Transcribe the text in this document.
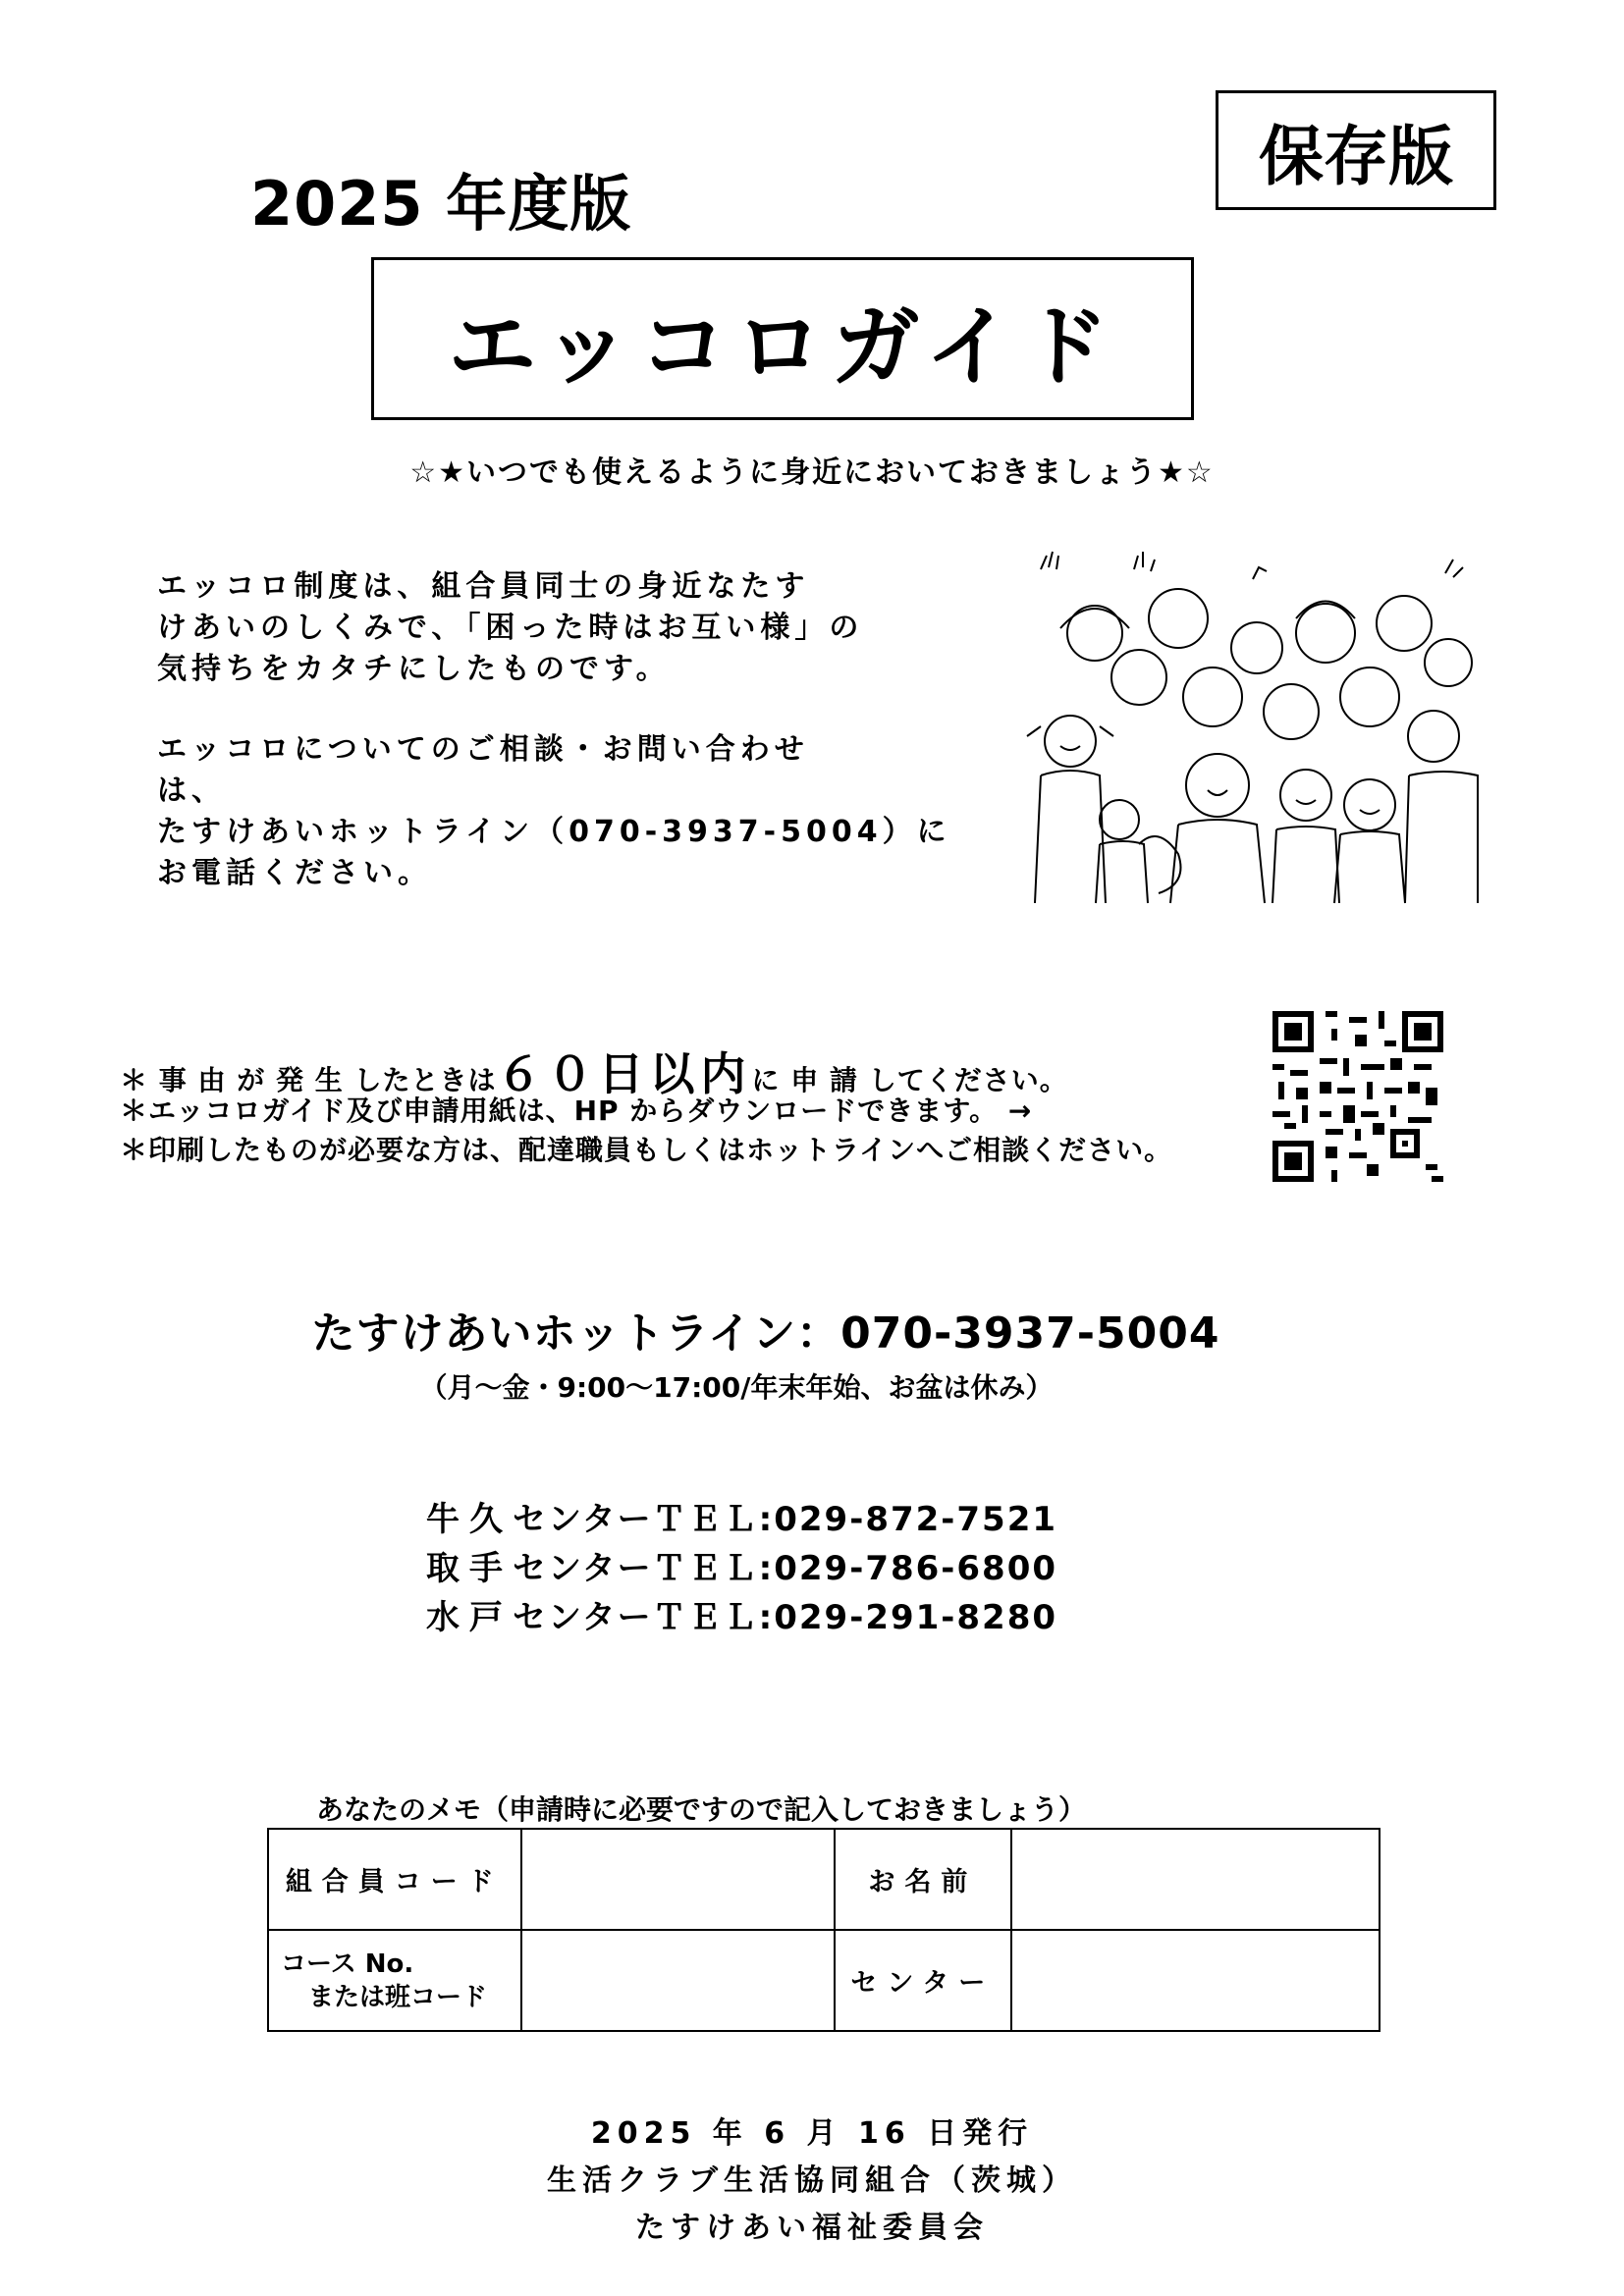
2025 年度版
保存版
エッコロガイド
☆★いつでも使えるように身近においておきましょう★☆
エッコロ制度は、組合員同士の身近なたす
けあいのしくみで、「困った時はお互い様」の
気持ちをカタチにしたものです。
エッコロについてのご相談・お問い合わせ
は、
たすけあいホットライン（070-3937-5004）に
お電話ください。
＊ 事 由 が 発 生 したときは６０日以内に 申 請 してください。
＊エッコロガイド及び申請用紙は、HP からダウンロードできます。 →
＊印刷したものが必要な方は、配達職員もしくはホットラインへご相談ください。
たすけあいホットライン：070-3937-5004
（月～金・9:00～17:00/年末年始、お盆は休み）
牛久センターＴＥＬ:029-872-7521
取手センターＴＥＬ:029-786-6800
水戸センターＴＥＬ:029-291-8280
あなたのメモ（申請時に必要ですので記入しておきましょう）
組合員コード		お名前	

コース No.
または班コード		センター	
2025 年 6 月 16 日発行
生活クラブ生活協同組合（茨城）
たすけあい福祉委員会
